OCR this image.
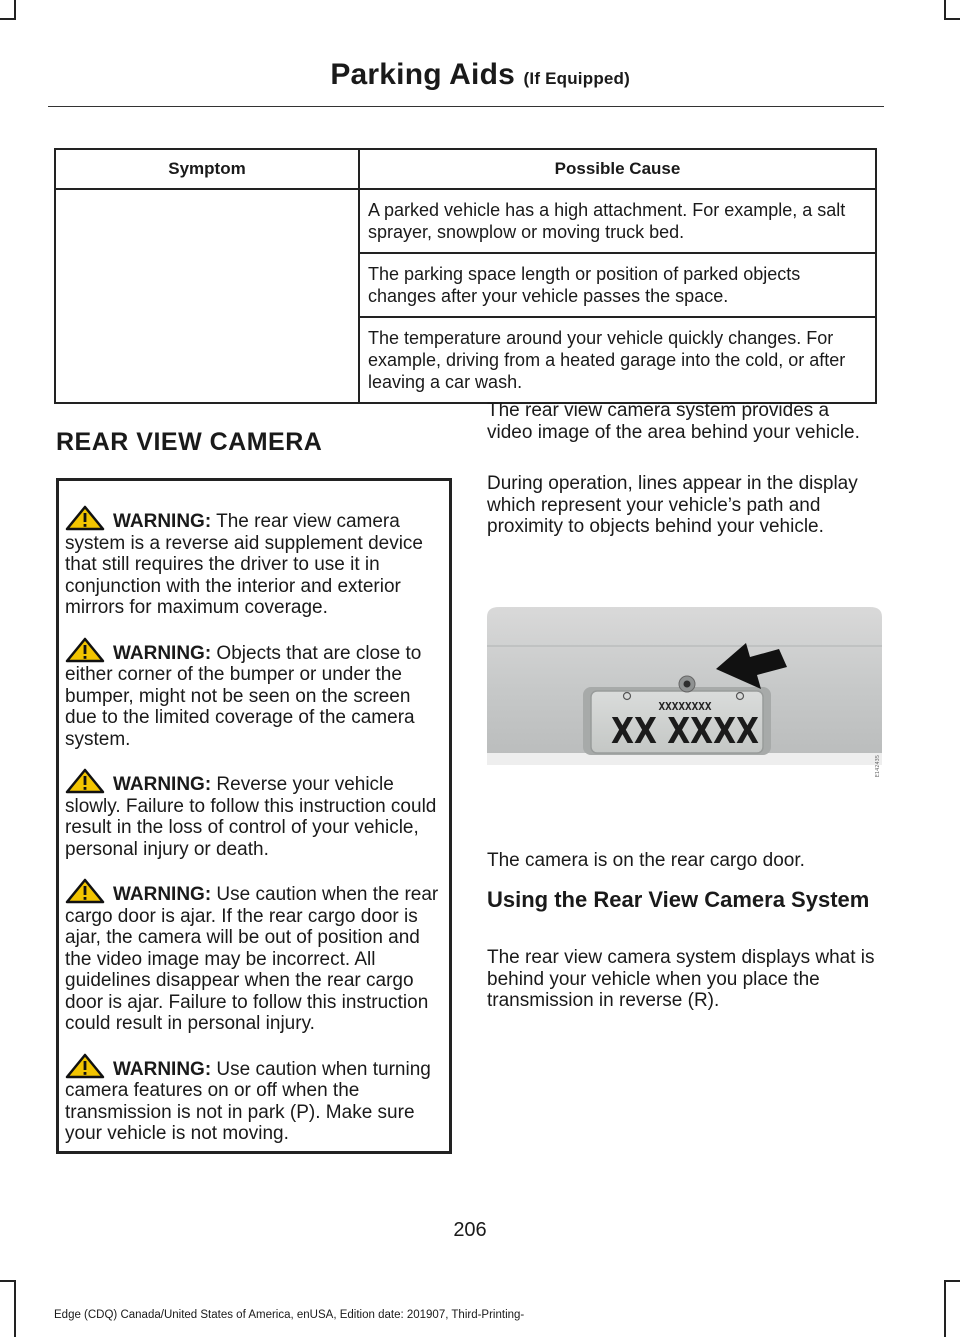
Parking Aids (If Equipped)
Symptom	Possible Cause
	A parked vehicle has a high attachment. For example, a salt sprayer, snowplow or moving truck bed.
	The parking space length or position of parked objects changes after your vehicle passes the space.
	The temperature around your vehicle quickly changes. For example, driving from a heated garage into the cold, or after leaving a car wash.
REAR VIEW CAMERA
WARNING: The rear view camera system is a reverse aid supplement device that still requires the driver to use it in conjunction with the interior and exterior mirrors for maximum coverage.
WARNING: Objects that are close to either corner of the bumper or under the bumper, might not be seen on the screen due to the limited coverage of the camera system.
WARNING: Reverse your vehicle slowly. Failure to follow this instruction could result in the loss of control of your vehicle, personal injury or death.
WARNING: Use caution when the rear cargo door is ajar. If the rear cargo door is ajar, the camera will be out of position and the video image may be incorrect. All guidelines disappear when the rear cargo door is ajar. Failure to follow this instruction could result in personal injury.
WARNING: Use caution when turning camera features on or off when the transmission is not in park (P). Make sure your vehicle is not moving.

The rear view camera system provides a video image of the area behind your vehicle.

During operation, lines appear in the display which represent your vehicle’s path and proximity to objects behind your vehicle.

XXXXXXXX
XX XXXX
E142435

The camera is on the rear cargo door.

Using the Rear View Camera System

The rear view camera system displays what is behind your vehicle when you place the transmission in reverse (R).

206
Edge (CDQ) Canada/United States of America, enUSA, Edition date: 201907, Third-Printing-
